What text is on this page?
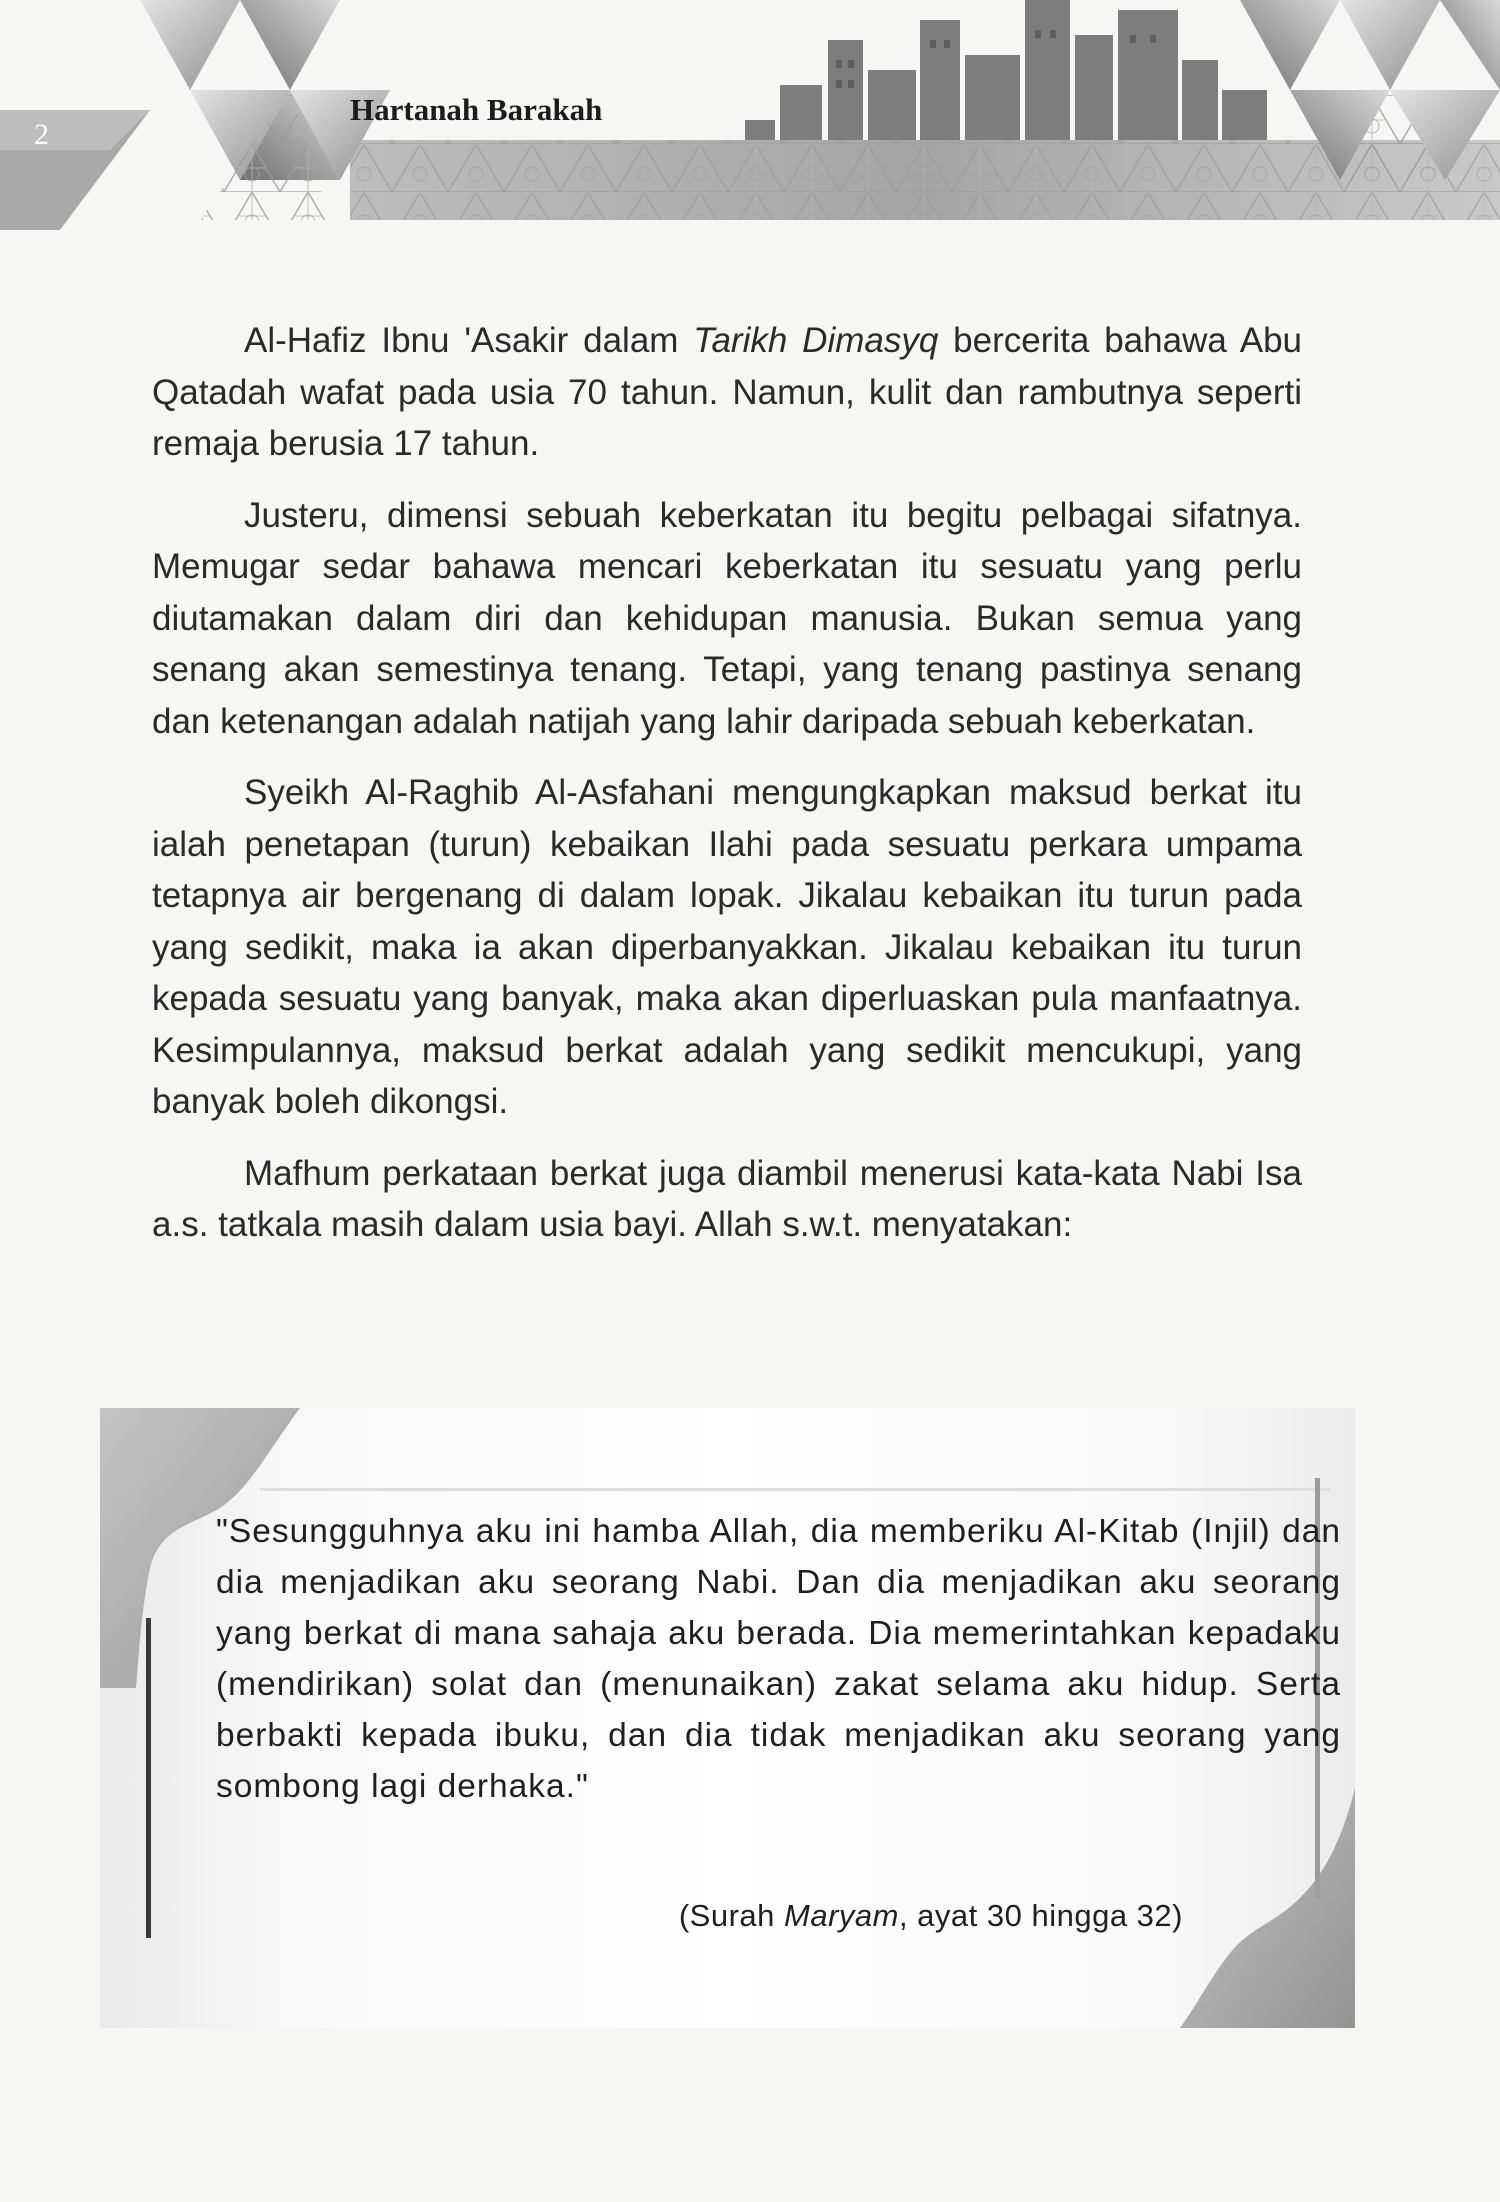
2
Hartanah Barakah

Al-Hafiz Ibnu 'Asakir dalam Tarikh Dimasyq bercerita bahawa Abu Qatadah wafat pada usia 70 tahun. Namun, kulit dan rambutnya seperti remaja berusia 17 tahun.

Justeru, dimensi sebuah keberkatan itu begitu pelbagai sifatnya. Memugar sedar bahawa mencari keberkatan itu sesuatu yang perlu diutamakan dalam diri dan kehidupan manusia. Bukan semua yang senang akan semestinya tenang. Tetapi, yang tenang pastinya senang dan ketenangan adalah natijah yang lahir daripada sebuah keberkatan.

Syeikh Al-Raghib Al-Asfahani mengungkapkan maksud berkat itu ialah penetapan (turun) kebaikan Ilahi pada sesuatu perkara umpama tetapnya air bergenang di dalam lopak. Jikalau kebaikan itu turun pada yang sedikit, maka ia akan diperbanyakkan. Jikalau kebaikan itu turun kepada sesuatu yang banyak, maka akan diperluaskan pula manfaatnya. Kesimpulannya, maksud berkat adalah yang sedikit mencukupi, yang banyak boleh dikongsi.

Mafhum perkataan berkat juga diambil menerusi kata-kata Nabi Isa a.s. tatkala masih dalam usia bayi. Allah s.w.t. menyatakan:

"Sesungguhnya aku ini hamba Allah, dia memberiku Al-Kitab (Injil) dan dia menjadikan aku seorang Nabi. Dan dia menjadikan aku seorang yang berkat di mana sahaja aku berada. Dia memerintahkan kepadaku (mendirikan) solat dan (menunaikan) zakat selama aku hidup. Serta berbakti kepada ibuku, dan dia tidak menjadikan aku seorang yang sombong lagi derhaka."

(Surah Maryam, ayat 30 hingga 32)
